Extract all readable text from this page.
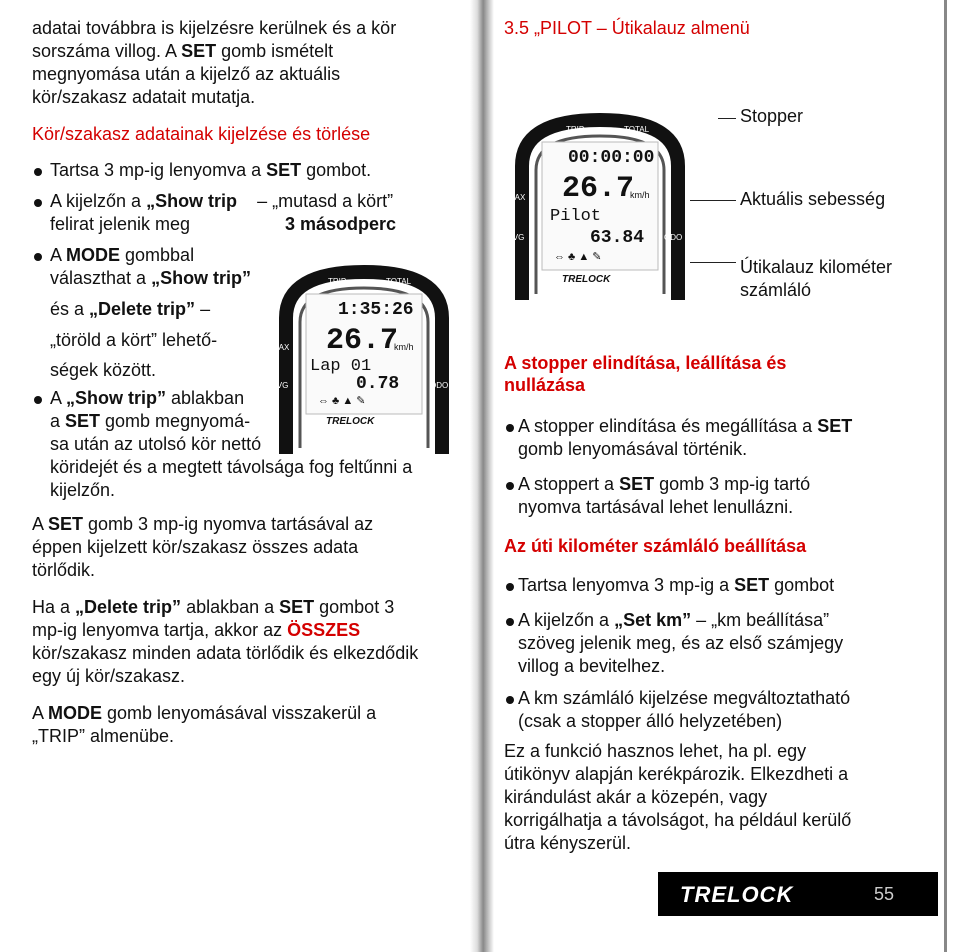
adatai továbbra is kijelzésre kerülnek és a kör
sorszáma villog. A SET gomb ismételt
megnyomása után a kijelző az aktuális
kör/szakasz adatait mutatja.
Kör/szakasz adatainak kijelzése és törlése
Tartsa 3 mp-ig lenyomva a SET gombot.
A kijelzőn a „Show trip – „mutasd a kört”
felirat jelenik meg	3 másodperc
A MODE gombbal
választhat a „Show trip”
és a „Delete trip” –
„töröld a kört” lehető-
ségek között.
A „Show trip” ablakban
a SET gomb megnyomá-
sa után az utolsó kör nettó
köridejét és a megtett távolsága fog feltűnni a
kijelzőn.
A SET gomb 3 mp-ig nyomva tartásával az
éppen kijelzett kör/szakasz összes adata
törlődik.
Ha a „Delete trip” ablakban a SET gombot 3
mp-ig lenyomva tartja, akkor az ÖSSZES
kör/szakasz minden adata törlődik és elkezdődik
egy új kör/szakasz.
A MODE gomb lenyomásával visszakerül a
„TRIP” almenübe.
TRIP	TOTAL
MAX
AVG	ODO
1:35:26
26.7
km/h
Lap 01
0.78
⇔ ♣ ▲ ✎
TRELOCK
3.5 „PILOT – Útikalauz almenü
Stopper
Aktuális sebesség
Útikalauz kilométer
számláló
A stopper elindítása, leállítása és
nullázása
A stopper elindítása és megállítása a SET
gomb lenyomásával történik.
A stoppert a SET gomb 3 mp-ig tartó
nyomva tartásával lehet lenullázni.
Az úti kilométer számláló beállítása
Tartsa lenyomva 3 mp-ig a SET gombot
A kijelzőn a „Set km” – „km beállítása”
szöveg jelenik meg, és az első számjegy
villog a bevitelhez.
A km számláló kijelzése megváltoztatható
(csak a stopper álló helyzetében)
Ez a funkció hasznos lehet, ha pl. egy
útikönyv alapján kerékpározik. Elkezdheti a
kirándulást akár a közepén, vagy
korrigálhatja a távolságot, ha például kerülő
útra kényszerül.
TRIP	TOTAL
MAX
AVG	ODO
00:00:00
26.7
km/h
Pilot
63.84
⇔ ♣ ▲ ✎
TRELOCK
TRELOCK	55
